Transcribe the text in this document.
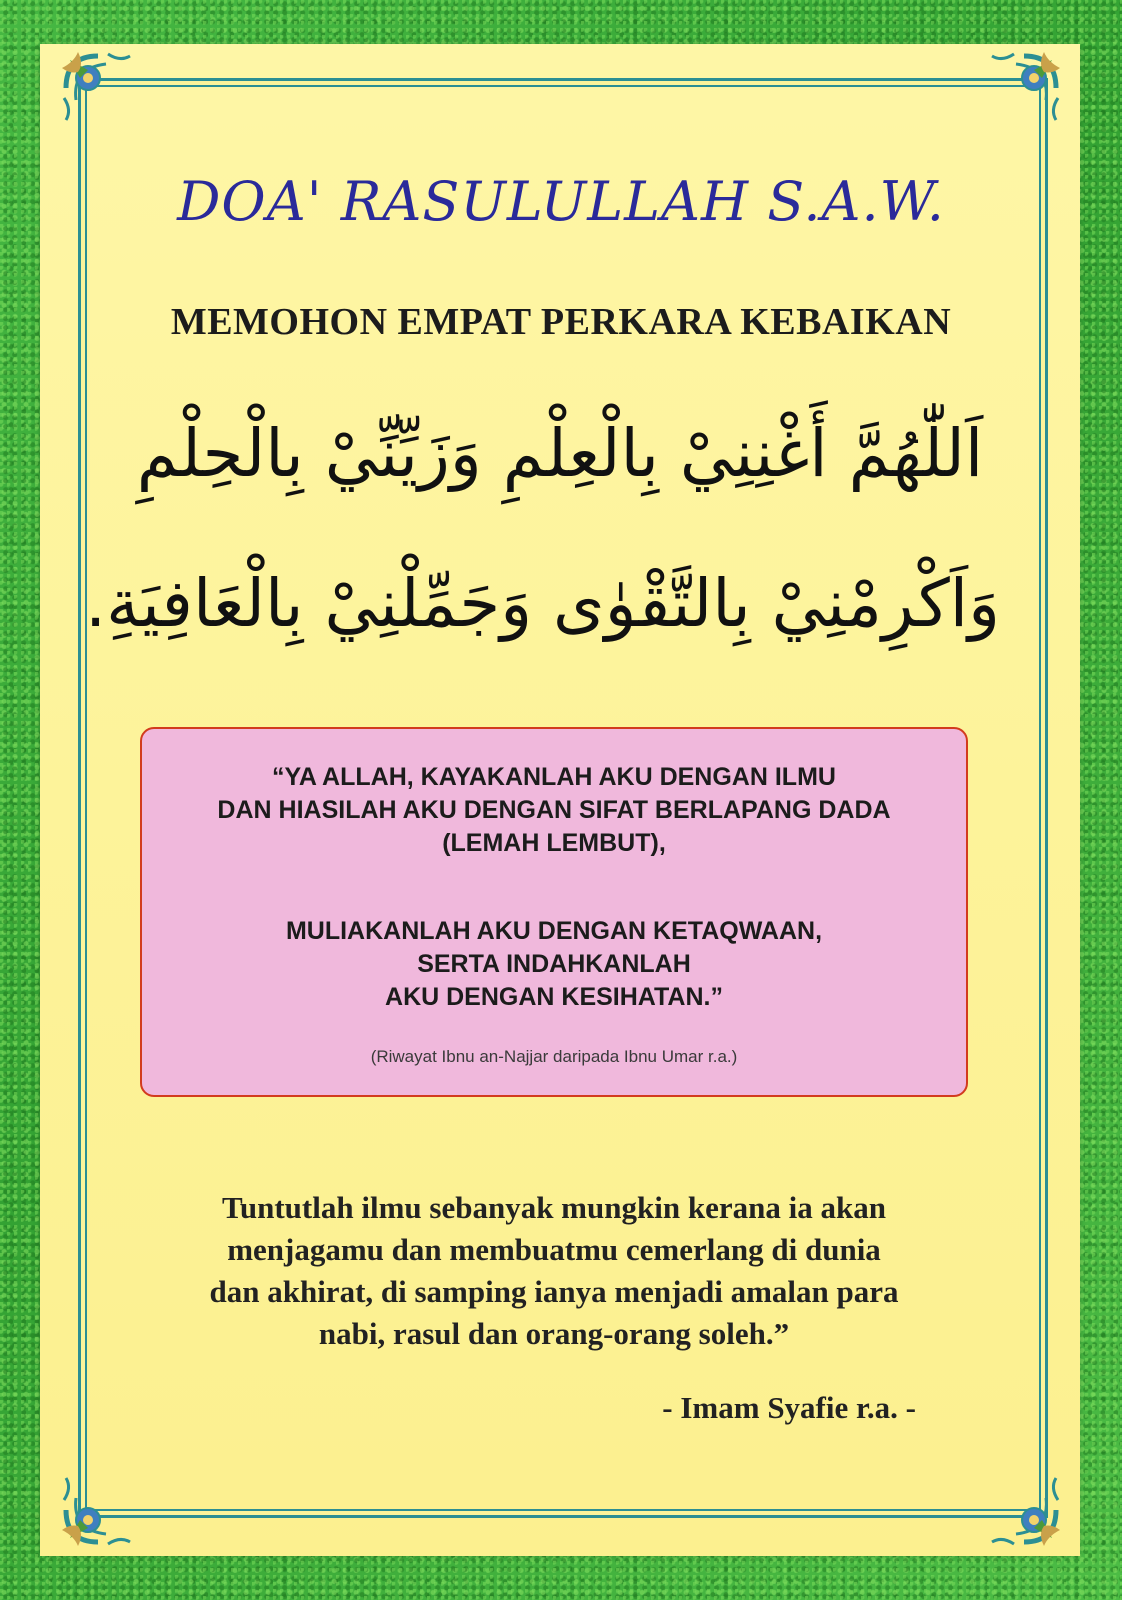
DOA' RASULULLAH S.A.W.
MEMOHON EMPAT PERKARA KEBAIKAN
اَللّٰهُمَّ أَغْنِنِيْ بِالْعِلْمِ وَزَيِّنِّيْ بِالْحِلْمِ
وَاَكْرِمْنِيْ بِالتَّقْوٰى وَجَمِّلْنِيْ بِالْعَافِيَةِ.
“YA ALLAH, KAYAKANLAH AKU DENGAN ILMU
DAN HIASILAH AKU DENGAN SIFAT BERLAPANG DADA
(LEMAH LEMBUT),
MULIAKANLAH AKU DENGAN KETAQWAAN,
SERTA INDAHKANLAH
AKU DENGAN KESIHATAN.”
(Riwayat Ibnu an-Najjar daripada Ibnu Umar r.a.)
Tuntutlah ilmu sebanyak mungkin kerana ia akan
menjagamu dan membuatmu cemerlang di dunia
dan akhirat, di samping ianya menjadi amalan para
nabi, rasul dan orang-orang soleh.”
- Imam Syafie r.a. -
